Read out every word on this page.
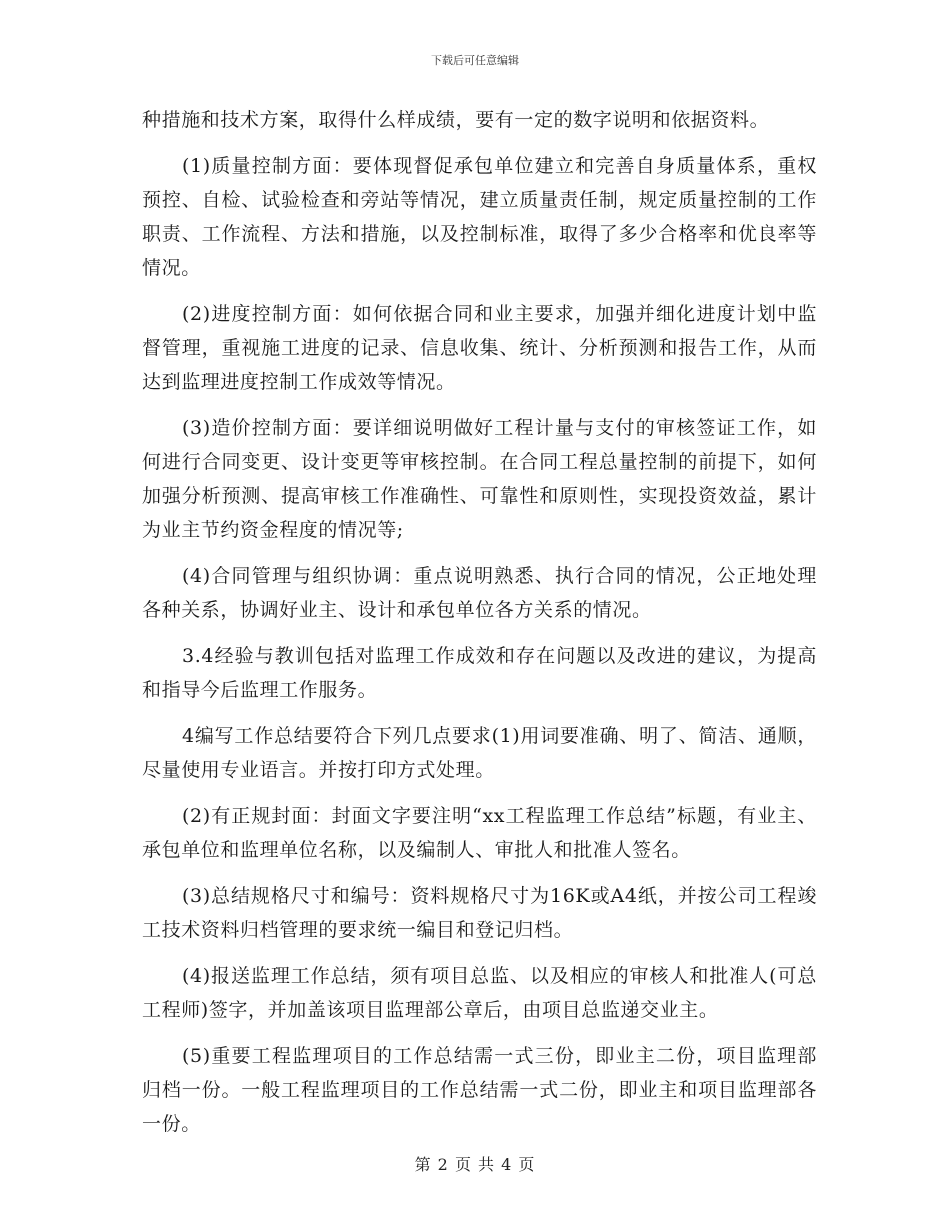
下载后可任意编辑

种措施和技术方案，取得什么样成绩，要有一定的数字说明和依据资料。

(1)质量控制方面：要体现督促承包单位建立和完善自身质量体系，重权预控、自检、试验检查和旁站等情况，建立质量责任制，规定质量控制的工作职责、工作流程、方法和措施，以及控制标准，取得了多少合格率和优良率等情况。

(2)进度控制方面：如何依据合同和业主要求，加强并细化进度计划中监督管理，重视施工进度的记录、信息收集、统计、分析预测和报告工作，从而达到监理进度控制工作成效等情况。

(3)造价控制方面：要详细说明做好工程计量与支付的审核签证工作，如何进行合同变更、设计变更等审核控制。在合同工程总量控制的前提下，如何加强分析预测、提高审核工作准确性、可靠性和原则性，实现投资效益，累计为业主节约资金程度的情况等;

(4)合同管理与组织协调：重点说明熟悉、执行合同的情况，公正地处理各种关系，协调好业主、设计和承包单位各方关系的情况。

3.4经验与教训包括对监理工作成效和存在问题以及改进的建议，为提高和指导今后监理工作服务。

4编写工作总结要符合下列几点要求(1)用词要准确、明了、简洁、通顺，尽量使用专业语言。并按打印方式处理。

(2)有正规封面：封面文字要注明“xx工程监理工作总结”标题，有业主、承包单位和监理单位名称，以及编制人、审批人和批准人签名。

(3)总结规格尺寸和编号：资料规格尺寸为16K或A4纸，并按公司工程竣工技术资料归档管理的要求统一编目和登记归档。

(4)报送监理工作总结，须有项目总监、以及相应的审核人和批准人(可总工程师)签字，并加盖该项目监理部公章后，由项目总监递交业主。

(5)重要工程监理项目的工作总结需一式三份，即业主二份，项目监理部归档一份。一般工程监理项目的工作总结需一式二份，即业主和项目监理部各一份。

第 2 页 共 4 页
